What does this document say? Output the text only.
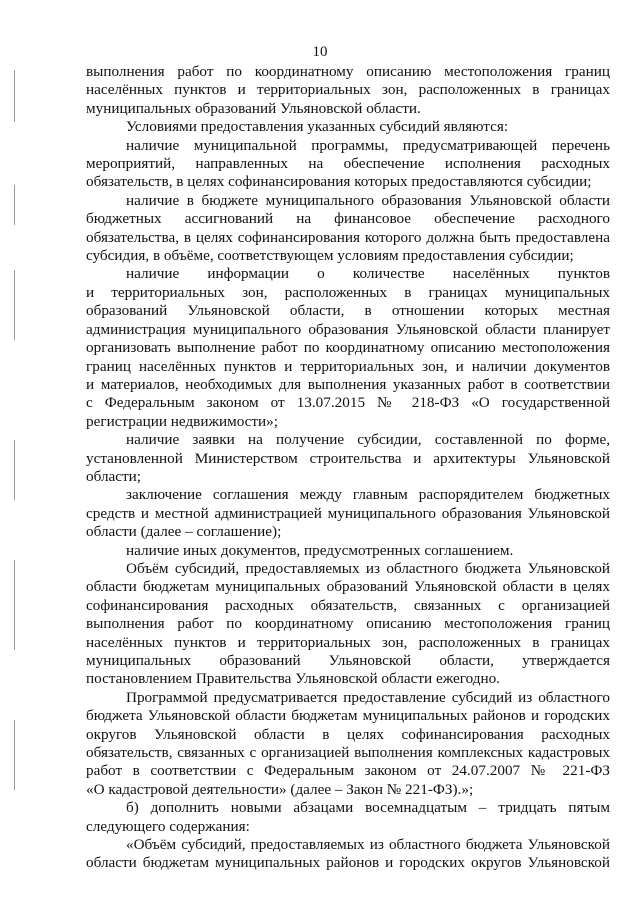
10
выполнения работ по координатному описанию местоположения границ
населённых пунктов и территориальных зон, расположенных в границах
муниципальных образований Ульяновской области.
Условиями предоставления указанных субсидий являются:
наличие муниципальной программы, предусматривающей перечень
мероприятий, направленных на обеспечение исполнения расходных
обязательств, в целях софинансирования которых предоставляются субсидии;
наличие в бюджете муниципального образования Ульяновской области
бюджетных ассигнований на финансовое обеспечение расходного
обязательства, в целях софинансирования которого должна быть предоставлена
субсидия, в объёме, соответствующем условиям предоставления субсидии;
наличие информации о количестве населённых пунктов
и территориальных зон, расположенных в границах муниципальных
образований Ульяновской области, в отношении которых местная
администрация муниципального образования Ульяновской области планирует
организовать выполнение работ по координатному описанию местоположения
границ населённых пунктов и территориальных зон, и наличии документов
и материалов, необходимых для выполнения указанных работ в соответствии
с Федеральным законом от 13.07.2015 № 218-ФЗ «О государственной
регистрации недвижимости»;
наличие заявки на получение субсидии, составленной по форме,
установленной Министерством строительства и архитектуры Ульяновской
области;
заключение соглашения между главным распорядителем бюджетных
средств и местной администрацией муниципального образования Ульяновской
области (далее – соглашение);
наличие иных документов, предусмотренных соглашением.
Объём субсидий, предоставляемых из областного бюджета Ульяновской
области бюджетам муниципальных образований Ульяновской области в целях
софинансирования расходных обязательств, связанных с организацией
выполнения работ по координатному описанию местоположения границ
населённых пунктов и территориальных зон, расположенных в границах
муниципальных образований Ульяновской области, утверждается
постановлением Правительства Ульяновской области ежегодно.
Программой предусматривается предоставление субсидий из областного
бюджета Ульяновской области бюджетам муниципальных районов и городских
округов Ульяновской области в целях софинансирования расходных
обязательств, связанных с организацией выполнения комплексных кадастровых
работ в соответствии с Федеральным законом от 24.07.2007 № 221-ФЗ
«О кадастровой деятельности» (далее – Закон № 221-ФЗ).»;
б) дополнить новыми абзацами восемнадцатым – тридцать пятым
следующего содержания:
«Объём субсидий, предоставляемых из областного бюджета Ульяновской
области бюджетам муниципальных районов и городских округов Ульяновской
